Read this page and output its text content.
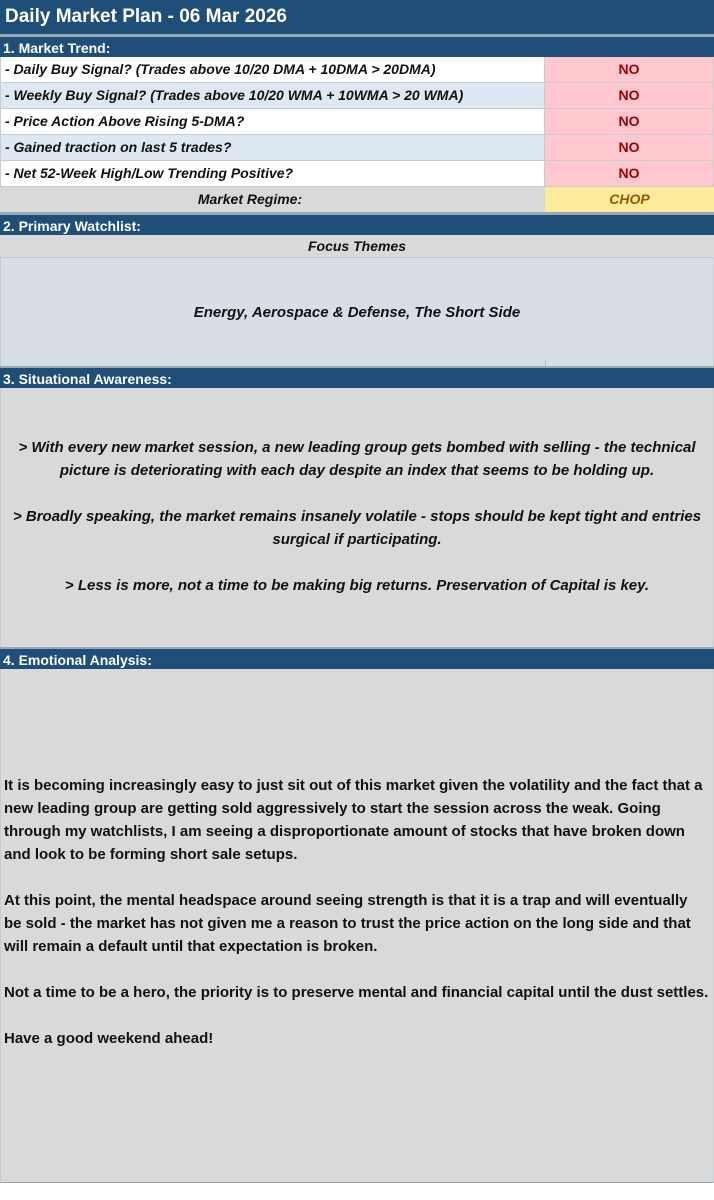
Daily Market Plan - 06 Mar 2026
1. Market Trend:
- Daily Buy Signal? (Trades above 10/20 DMA + 10DMA > 20DMA)	NO
- Weekly Buy Signal? (Trades above 10/20 WMA + 10WMA > 20 WMA)	NO
- Price Action Above Rising 5-DMA?	NO
- Gained traction on last 5 trades?	NO
- Net 52-Week High/Low Trending Positive?	NO
Market Regime:	CHOP
2. Primary Watchlist:
Focus Themes
Energy, Aerospace & Defense, The Short Side
3. Situational Awareness:

> With every new market session, a new leading group gets bombed with selling - the technical picture is deteriorating with each day despite an index that seems to be holding up.

> Broadly speaking, the market remains insanely volatile - stops should be kept tight and entries surgical if participating.

> Less is more, not a time to be making big returns. Preservation of Capital is key.

4. Emotional Analysis:

It is becoming increasingly easy to just sit out of this market given the volatility and the fact that a new leading group are getting sold aggressively to start the session across the weak. Going through my watchlists, I am seeing a disproportionate amount of stocks that have broken down and look to be forming short sale setups.

At this point, the mental headspace around seeing strength is that it is a trap and will eventually be sold - the market has not given me a reason to trust the price action on the long side and that will remain a default until that expectation is broken.

Not a time to be a hero, the priority is to preserve mental and financial capital until the dust settles.

Have a good weekend ahead!
